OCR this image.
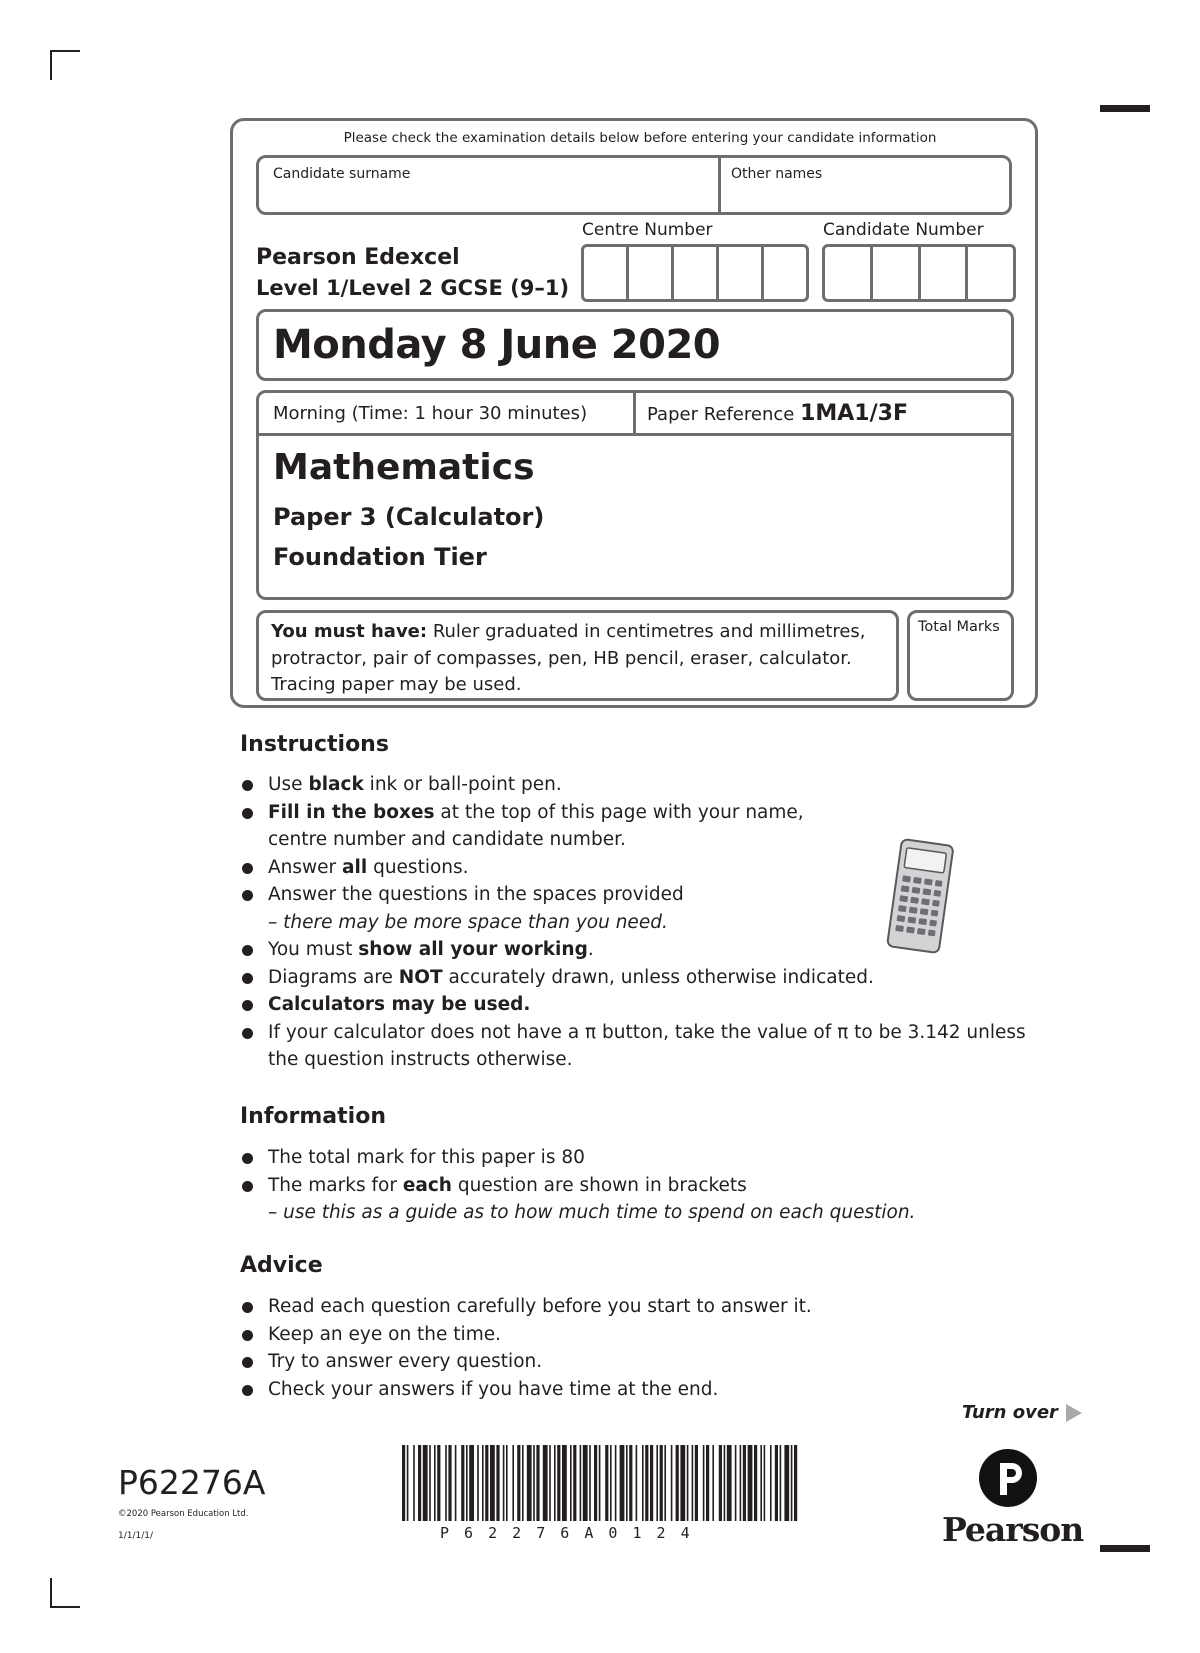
Please check the examination details below before entering your candidate information
Candidate surname	Other names
Centre Number	Candidate Number
Pearson Edexcel
Level 1/Level 2 GCSE (9–1)
Monday 8 June 2020
Morning (Time: 1 hour 30 minutes)	Paper Reference 1MA1/3F
Mathematics
Paper 3 (Calculator)
Foundation Tier
You must have: Ruler graduated in centimetres and millimetres,
protractor, pair of compasses, pen, HB pencil, eraser, calculator.
Tracing paper may be used.
Total Marks
Instructions
Use black ink or ball-point pen.
Fill in the boxes at the top of this page with your name,
centre number and candidate number.
Answer all questions.
Answer the questions in the spaces provided
– there may be more space than you need.
You must show all your working.
Diagrams are NOT accurately drawn, unless otherwise indicated.
Calculators may be used.
If your calculator does not have a π button, take the value of π to be 3.142 unless
the question instructs otherwise.
Information
The total mark for this paper is 80
The marks for each question are shown in brackets
– use this as a guide as to how much time to spend on each question.
Advice
Read each question carefully before you start to answer it.
Keep an eye on the time.
Try to answer every question.
Check your answers if you have time at the end.
Turn over
P62276A
©2020 Pearson Education Ltd.
1/1/1/1/	P 6 2 2 7 6 A 0 1 2 4	Pearson
